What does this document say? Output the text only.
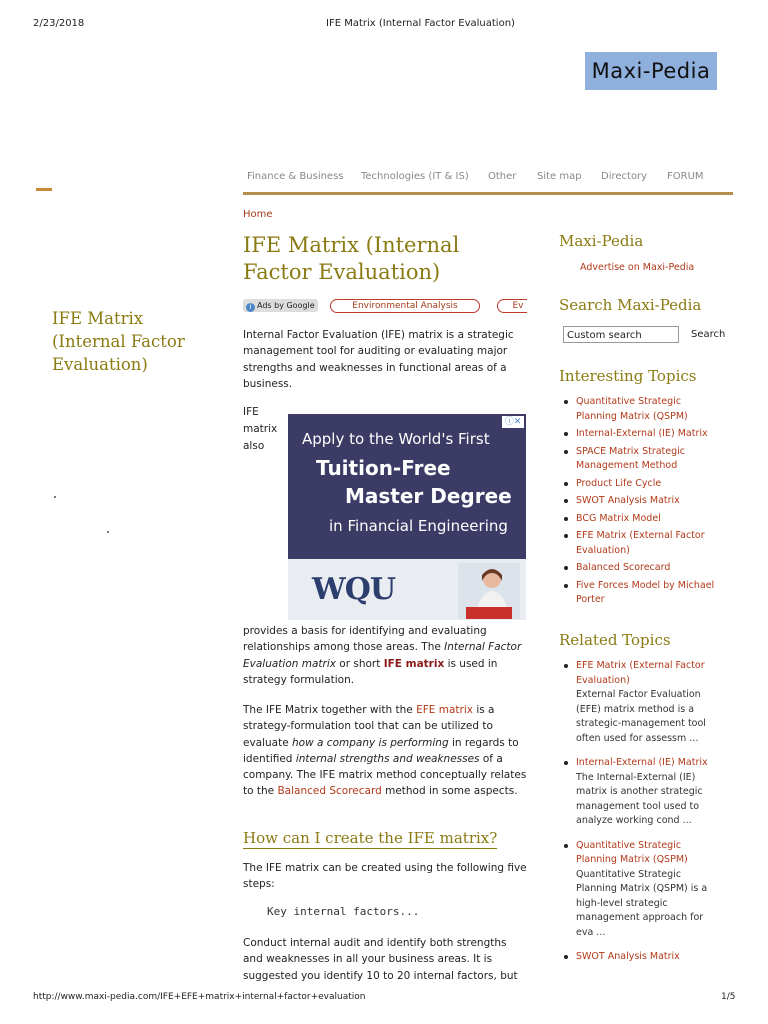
2/23/2018	IFE Matrix (Internal Factor Evaluation)
Maxi-Pedia
Finance & Business Technologies (IT & IS) Other Site map Directory FORUM
IFE Matrix (Internal Factor Evaluation)
Home
IFE Matrix (Internal Factor Evaluation)
i Ads by Google	Environmental Analysis	Ev
Internal Factor Evaluation (IFE) matrix is a strategic management tool for auditing or evaluating major strengths and weaknesses in functional areas of a business.
IFE
matrix
also	Apply to the World's First
Tuition-Free
Master Degree
in Financial Engineering
ⓘ✕
WQU
provides a basis for identifying and evaluating relationships among those areas. The Internal Factor Evaluation matrix or short IFE matrix is used in strategy formulation.
The IFE Matrix together with the EFE matrix is a strategy-formulation tool that can be utilized to evaluate how a company is performing in regards to identified internal strengths and weaknesses of a company. The IFE matrix method conceptually relates to the Balanced Scorecard method in some aspects.
How can I create the IFE matrix?
The IFE matrix can be created using the following five steps:
Key internal factors...
Conduct internal audit and identify both strengths and weaknesses in all your business areas. It is suggested you identify 10 to 20 internal factors, but
Maxi-Pedia
Advertise on Maxi-Pedia
Search Maxi-Pedia
Custom search	Search
Interesting Topics
Quantitative Strategic Planning Matrix (QSPM)
Internal-External (IE) Matrix
SPACE Matrix Strategic Management Method
Product Life Cycle
SWOT Analysis Matrix
BCG Matrix Model
EFE Matrix (External Factor Evaluation)
Balanced Scorecard
Five Forces Model by Michael Porter
Related Topics
EFE Matrix (External Factor Evaluation)
External Factor Evaluation (EFE) matrix method is a strategic-management tool often used for assessm ...
Internal-External (IE) Matrix
The Internal-External (IE) matrix is another strategic management tool used to analyze working cond ...
Quantitative Strategic Planning Matrix (QSPM)
Quantitative Strategic Planning Matrix (QSPM) is a high-level strategic management approach for eva ...
SWOT Analysis Matrix
http://www.maxi-pedia.com/IFE+EFE+matrix+internal+factor+evaluation	1/5
